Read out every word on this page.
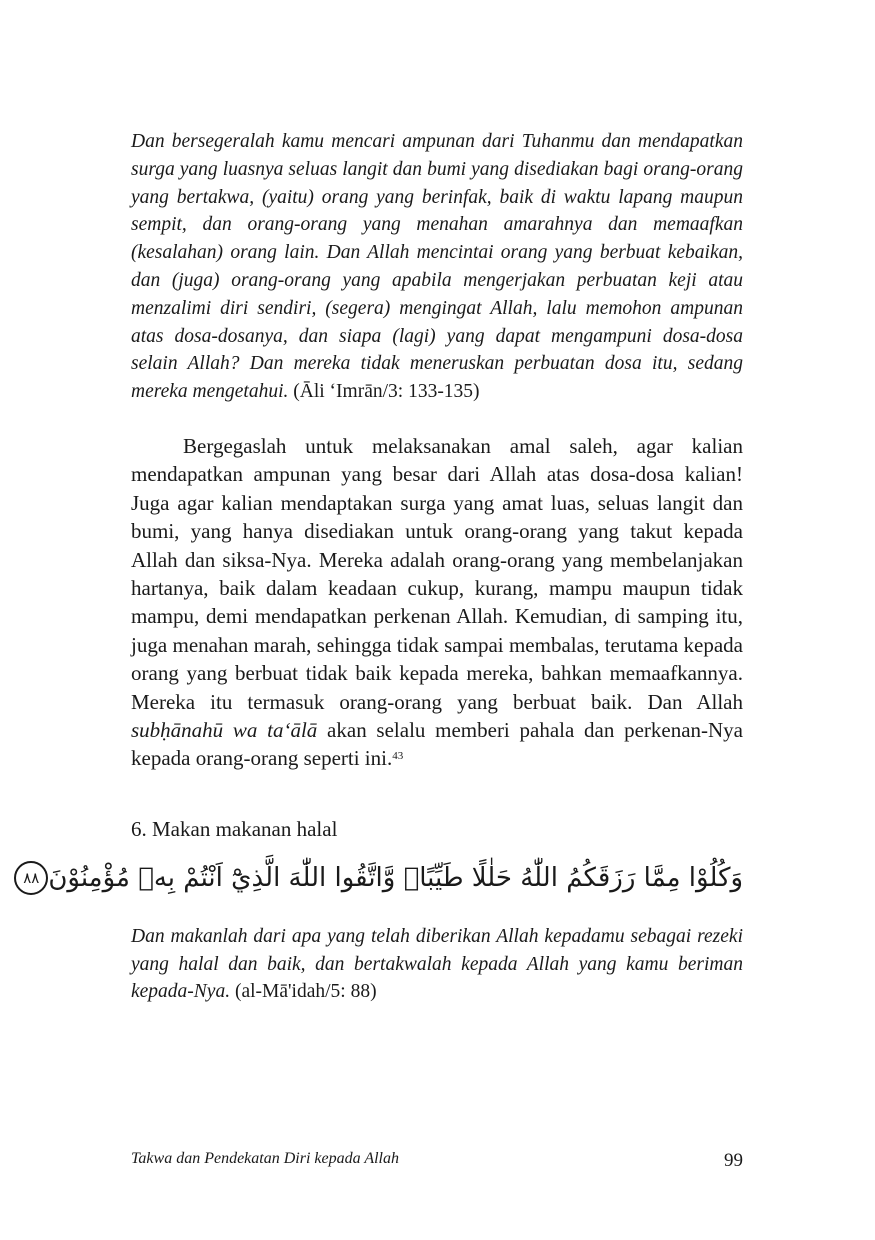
Dan bersegeralah kamu mencari ampunan dari Tuhanmu dan mendapatkan surga yang luasnya seluas langit dan bumi yang disediakan bagi orang-orang yang bertakwa, (yaitu) orang yang berinfak, baik di waktu lapang maupun sempit, dan orang-orang yang menahan amarahnya dan memaafkan (kesalahan) orang lain. Dan Allah mencintai orang yang berbuat kebaikan, dan (juga) orang-orang yang apabila mengerjakan perbuatan keji atau menzalimi diri sendiri, (segera) mengingat Allah, lalu memohon ampunan atas dosa-dosanya, dan siapa (lagi) yang dapat mengampuni dosa-dosa selain Allah? Dan mereka tidak meneruskan perbuatan dosa itu, sedang mereka mengetahui. (Āli ‘Imrān/3: 133-135)

Bergegaslah untuk melaksanakan amal saleh, agar kalian mendapatkan ampunan yang besar dari Allah atas dosa-dosa kalian! Juga agar kalian mendaptakan surga yang amat luas, seluas langit dan bumi, yang hanya disediakan untuk orang-orang yang takut kepada Allah dan siksa-Nya. Mereka adalah orang-orang yang membelanjakan hartanya, baik dalam keadaan cukup, kurang, mampu maupun tidak mampu, demi mendapatkan perkenan Allah. Kemudian, di samping itu, juga menahan marah, sehingga tidak sampai membalas, terutama kepada orang yang berbuat tidak baik kepada mereka, bahkan memaafkannya. Mereka itu termasuk orang-orang yang berbuat baik. Dan Allah subḥānahū wa ta‘ālā akan selalu memberi pahala dan perkenan-Nya kepada orang-orang seperti ini.$^{43}$

6. Makan makanan halal

وَكُلُوْا مِمَّا رَزَقَكُمُ اللّٰهُ حَلٰلًا طَيِّبًاۖ وَّاتَّقُوا اللّٰهَ الَّذِيْٓ اَنْتُمْ بِهٖ مُؤْمِنُوْنَ٨٨

Dan makanlah dari apa yang telah diberikan Allah kepadamu sebagai rezeki yang halal dan baik, dan bertakwalah kepada Allah yang kamu beriman kepada-Nya. (al-Mā'idah/5: 88)

Takwa dan Pendekatan Diri kepada Allah	99
